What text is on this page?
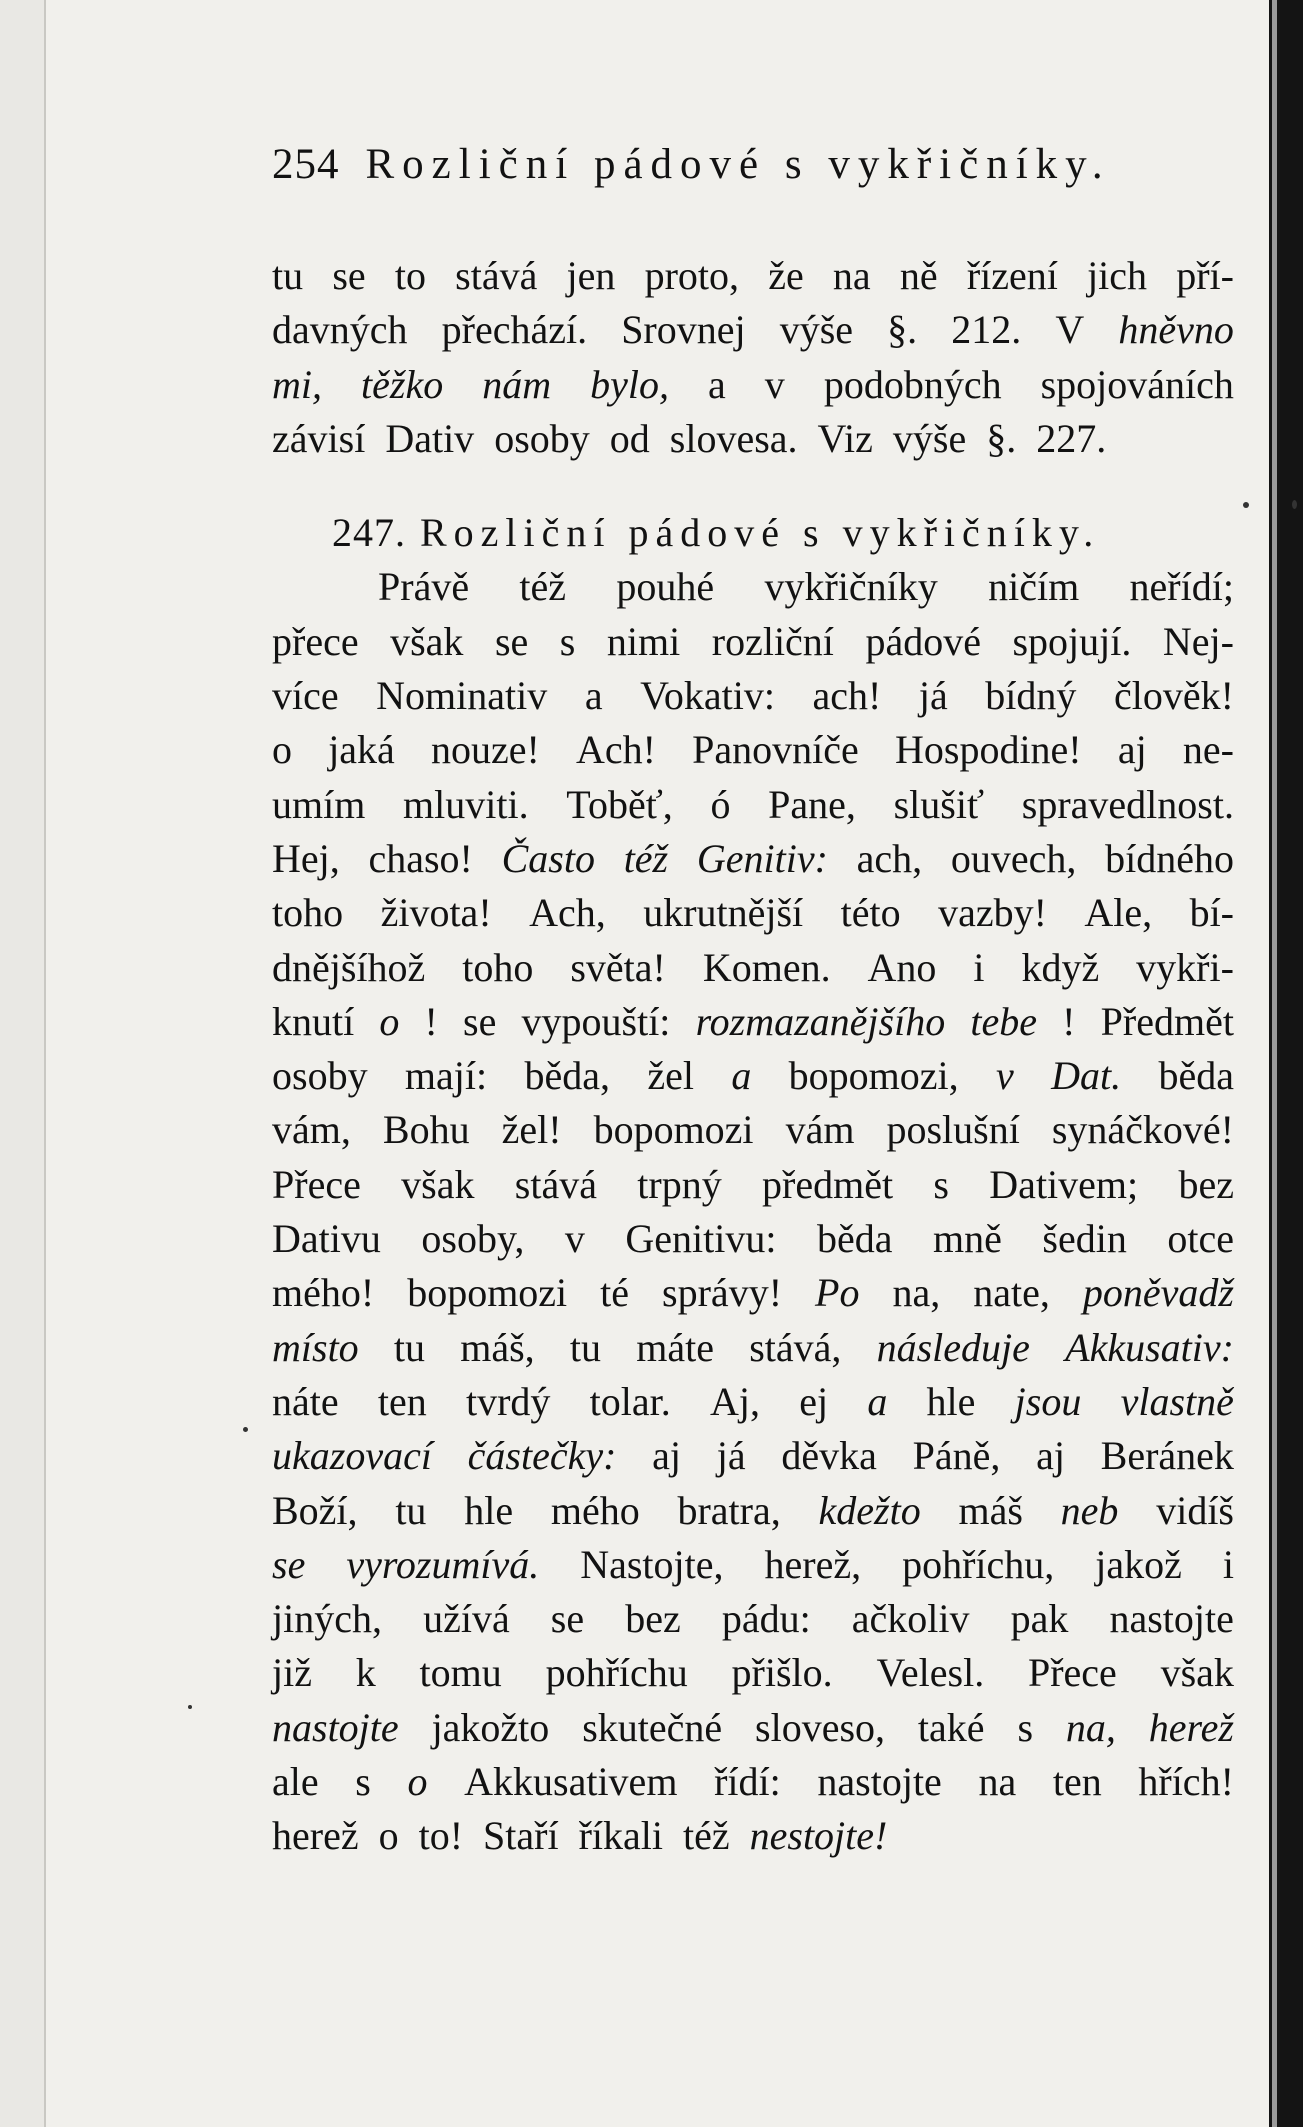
254 Rozliční pádové s vykřičníky.
tu se to stává jen proto, že na ně řízení jich pří-
davných přechází. Srovnej výše §. 212. V hněvno
mi, těžko nám bylo, a v podobných spojováních
závisí Dativ osoby od slovesa. Viz výše §. 227.
247. Rozliční pádové s vykřičníky.
Právě též pouhé vykřičníky ničím neřídí;
přece však se s nimi rozliční pádové spojují. Nej-
více Nominativ a Vokativ: ach! já bídný člověk!
o jaká nouze! Ach! Panovníče Hospodine! aj ne-
umím mluviti. Toběť, ó Pane, slušiť spravedlnost.
Hej, chaso! Často též Genitiv: ach, ouvech, bídného
toho života! Ach, ukrutnější této vazby! Ale, bí-
dnějšíhož toho světa! Komen. Ano i když vykři-
knutí o ! se vypouští: rozmazanějšího tebe ! Předmět
osoby mají: běda, žel a bopomozi, v Dat. běda
vám, Bohu žel! bopomozi vám poslušní synáčkové!
Přece však stává trpný předmět s Dativem; bez
Dativu osoby, v Genitivu: běda mně šedin otce
mého! bopomozi té správy! Po na, nate, poněvadž
místo tu máš, tu máte stává, následuje Akkusativ:
náte ten tvrdý tolar. Aj, ej a hle jsou vlastně
ukazovací částečky: aj já děvka Páně, aj Beránek
Boží, tu hle mého bratra, kdežto máš neb vidíš
se vyrozumívá. Nastojte, herež, pohříchu, jakož i
jiných, užívá se bez pádu: ačkoliv pak nastojte
již k tomu pohříchu přišlo. Velesl. Přece však
nastojte jakožto skutečné sloveso, také s na, herež
ale s o Akkusativem řídí: nastojte na ten hřích!
herež o to! Staří říkali též nestojte!
